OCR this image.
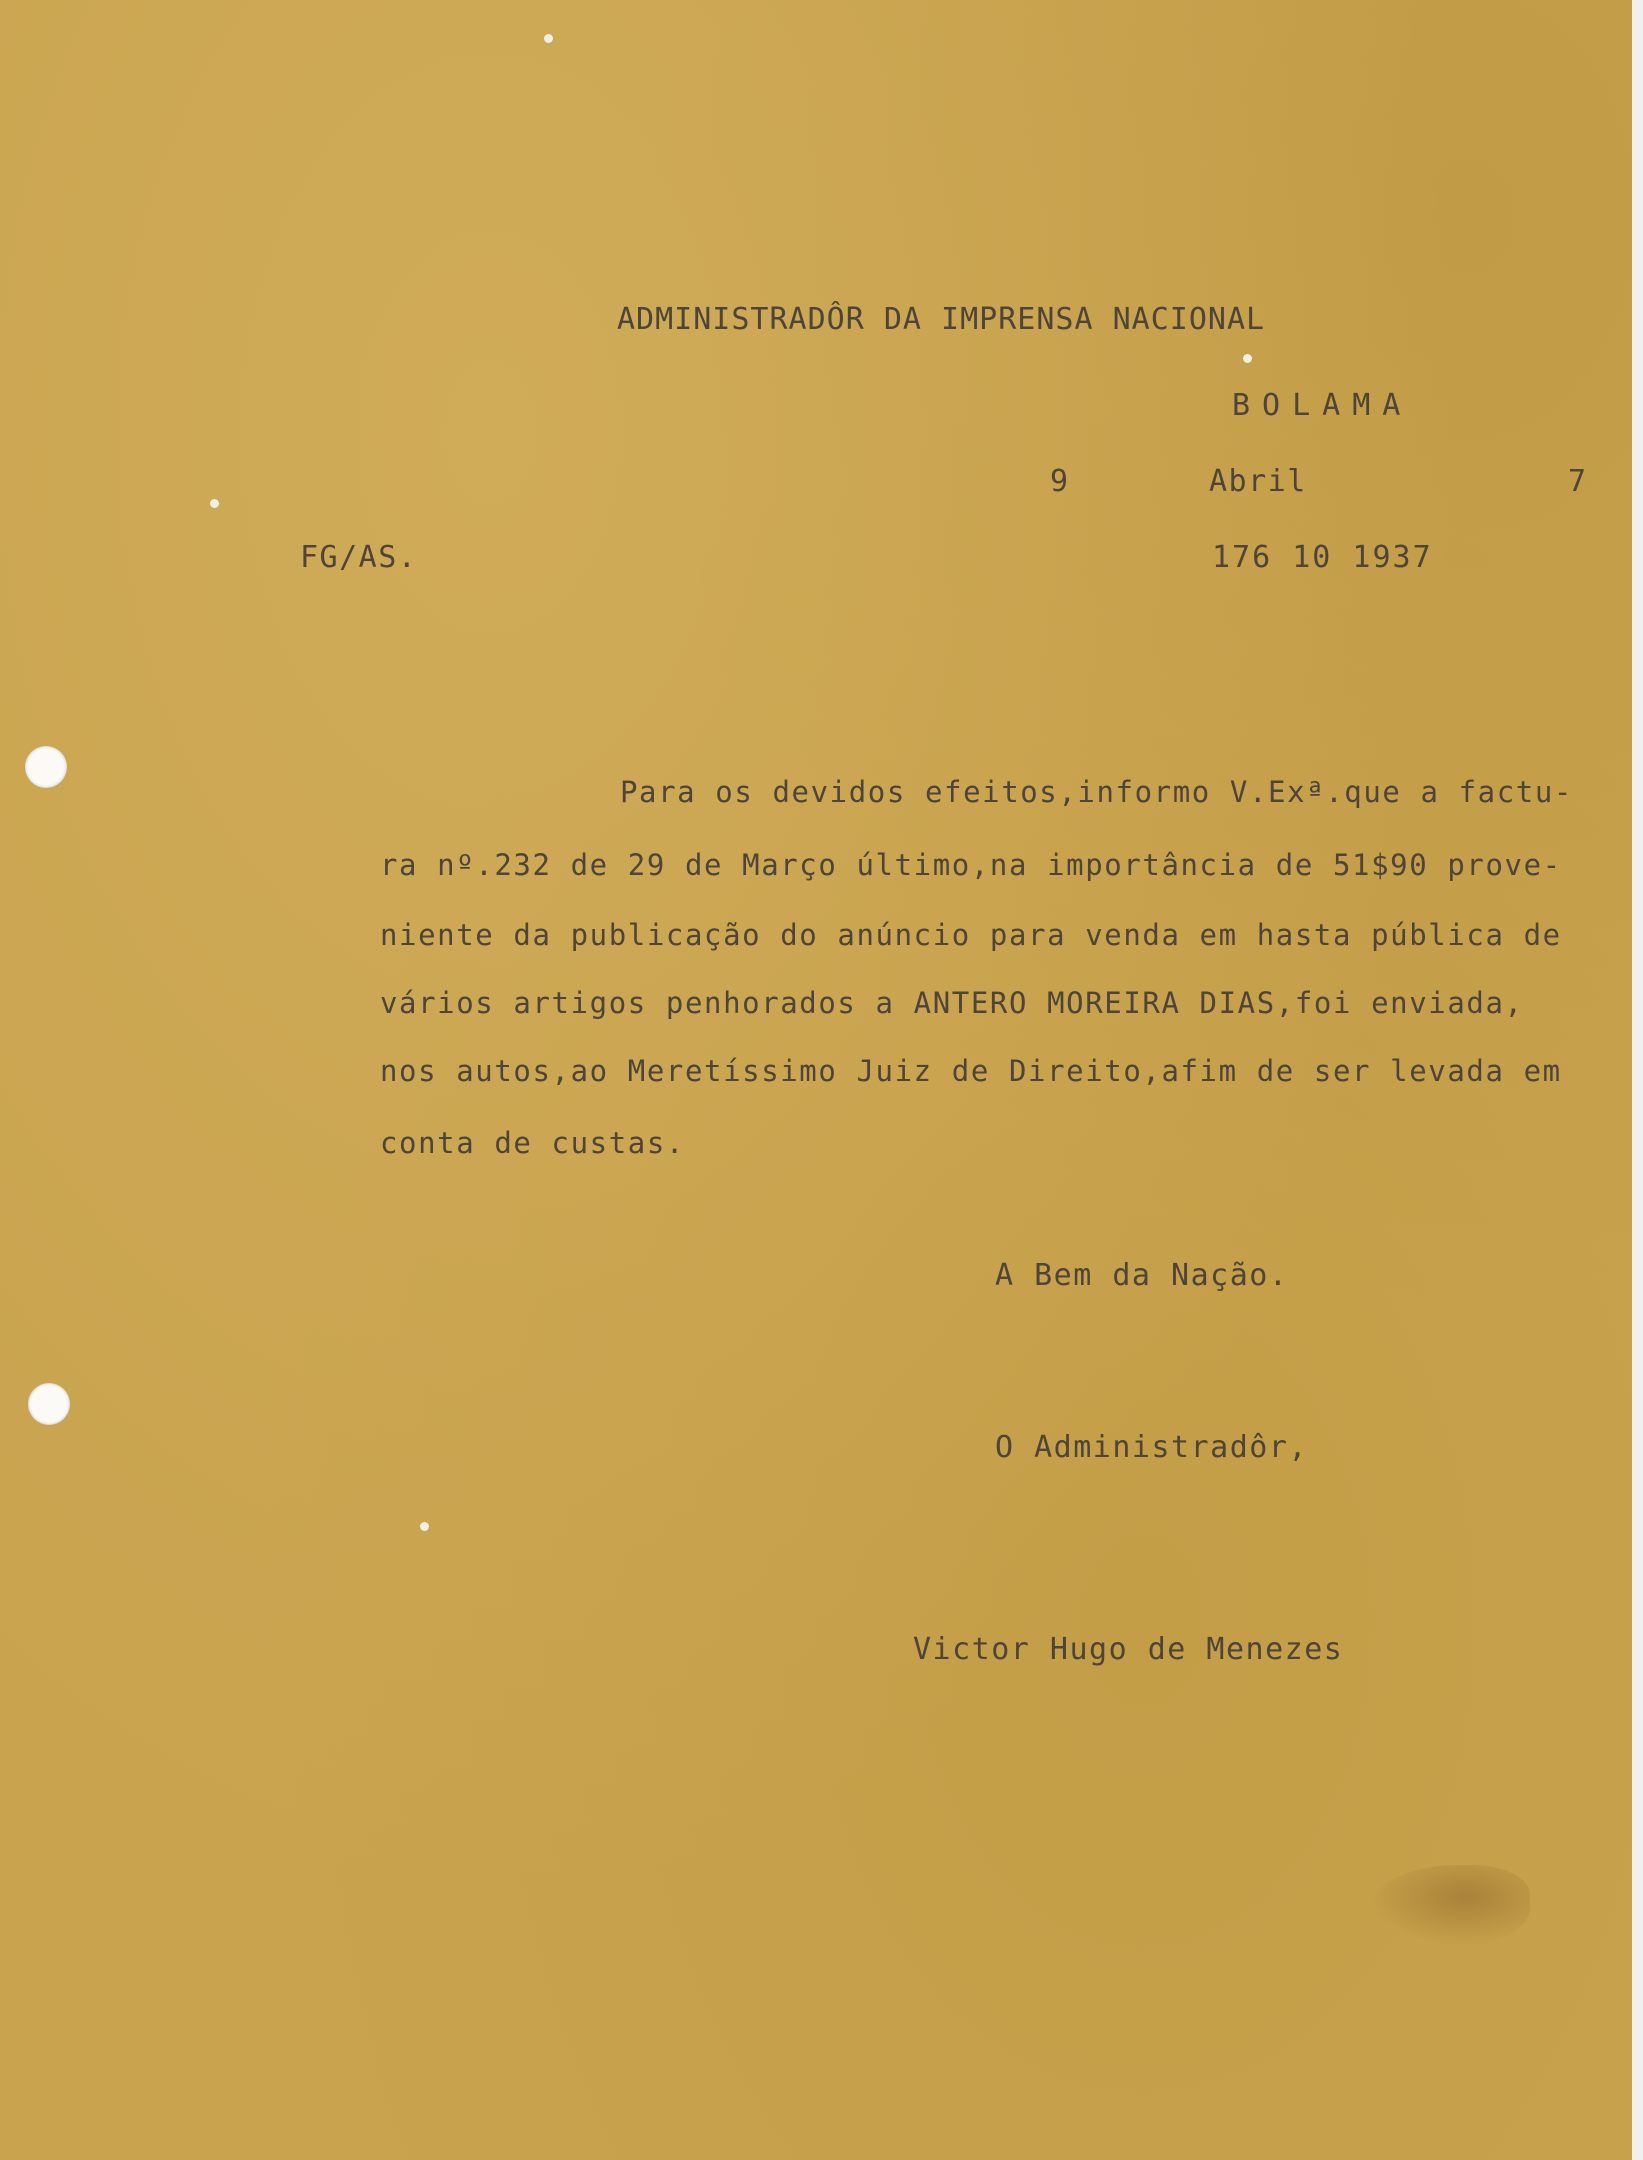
ADMINISTRADÔR DA IMPRENSA NACIONAL
BOLAMA
9	Abril	7
FG/AS.	176 10 1937
Para os devidos efeitos,informo V.Exª.que a factu-
ra nº.232 de 29 de Março último,na importância de 51$90 prove-
niente da publicação do anúncio para venda em hasta pública de
vários artigos penhorados a ANTERO MOREIRA DIAS,foi enviada,
nos autos,ao Meretíssimo Juiz de Direito,afim de ser levada em
conta de custas.
A Bem da Nação.
O Administradôr,
Victor Hugo de Menezes
